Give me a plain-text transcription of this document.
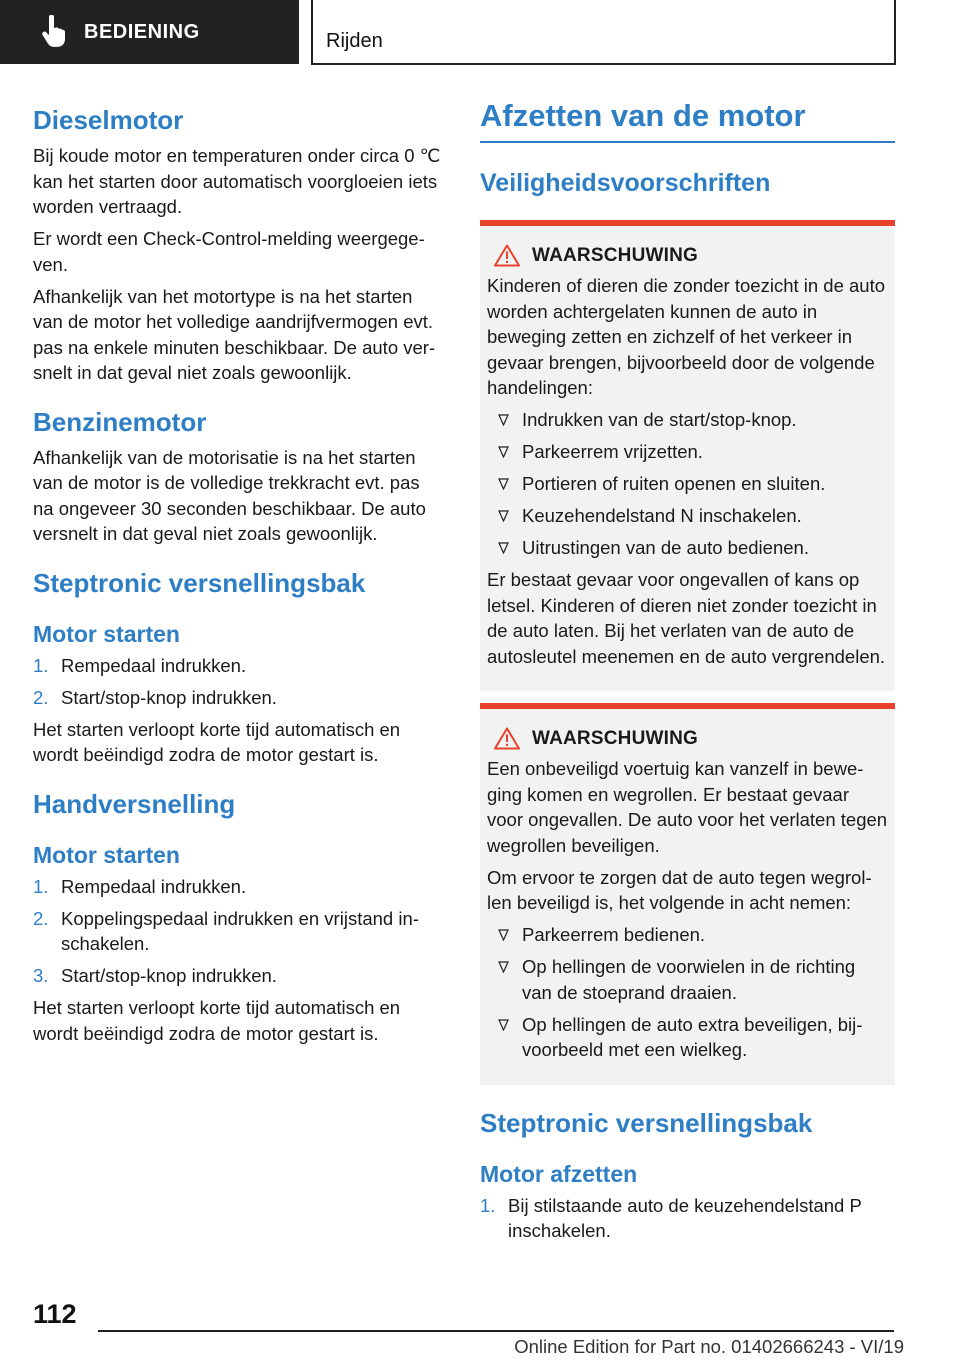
BEDIENING	Rijden
Dieselmotor

Bij koude motor en temperaturen onder circa 0 ℃ kan het starten door automatisch voorgloeien iets worden vertraagd.

Er wordt een Check-Control-melding weergegeven.

Afhankelijk van het motortype is na het starten van de motor het volledige aandrijfvermogen evt. pas na enkele minuten beschikbaar. De auto versnelt in dat geval niet zoals gewoonlijk.

Benzinemotor

Afhankelijk van de motorisatie is na het starten van de motor is de volledige trekkracht evt. pas na ongeveer 30 seconden beschikbaar. De auto versnelt in dat geval niet zoals gewoonlijk.

Steptronic versnellingsbak
Motor starten
1. Rempedaal indrukken.
2. Start/stop-knop indrukken.

Het starten verloopt korte tijd automatisch en wordt beëindigd zodra de motor gestart is.

Handversnelling
Motor starten
1. Rempedaal indrukken.
2. Koppelingspedaal indrukken en vrijstand inschakelen.
3. Start/stop-knop indrukken.

Het starten verloopt korte tijd automatisch en wordt beëindigd zodra de motor gestart is.

Afzetten van de motor
Veiligheidsvoorschriften
WAARSCHUWING

Kinderen of dieren die zonder toezicht in de auto worden achtergelaten kunnen de auto in beweging zetten en zichzelf of het verkeer in gevaar brengen, bijvoorbeeld door de volgende handelingen:

Indrukken van de start/stop-knop.
Parkeerrem vrijzetten.
Portieren of ruiten openen en sluiten.
Keuzehendelstand N inschakelen.
Uitrustingen van de auto bedienen.

Er bestaat gevaar voor ongevallen of kans op letsel. Kinderen of dieren niet zonder toezicht in de auto laten. Bij het verlaten van de auto de autosleutel meenemen en de auto vergrendelen.

WAARSCHUWING

Een onbeveiligd voertuig kan vanzelf in beweging komen en wegrollen. Er bestaat gevaar voor ongevallen. De auto voor het verlaten tegen wegrollen beveiligen.

Om ervoor te zorgen dat de auto tegen wegrollen beveiligd is, het volgende in acht nemen:

Parkeerrem bedienen.
Op hellingen de voorwielen in de richting van de stoeprand draaien.
Op hellingen de auto extra beveiligen, bijvoorbeeld met een wielkeg.
Steptronic versnellingsbak
Motor afzetten
1. Bij stilstaande auto de keuzehendelstand P inschakelen.
112
Online Edition for Part no. 01402666243 - VI/19
